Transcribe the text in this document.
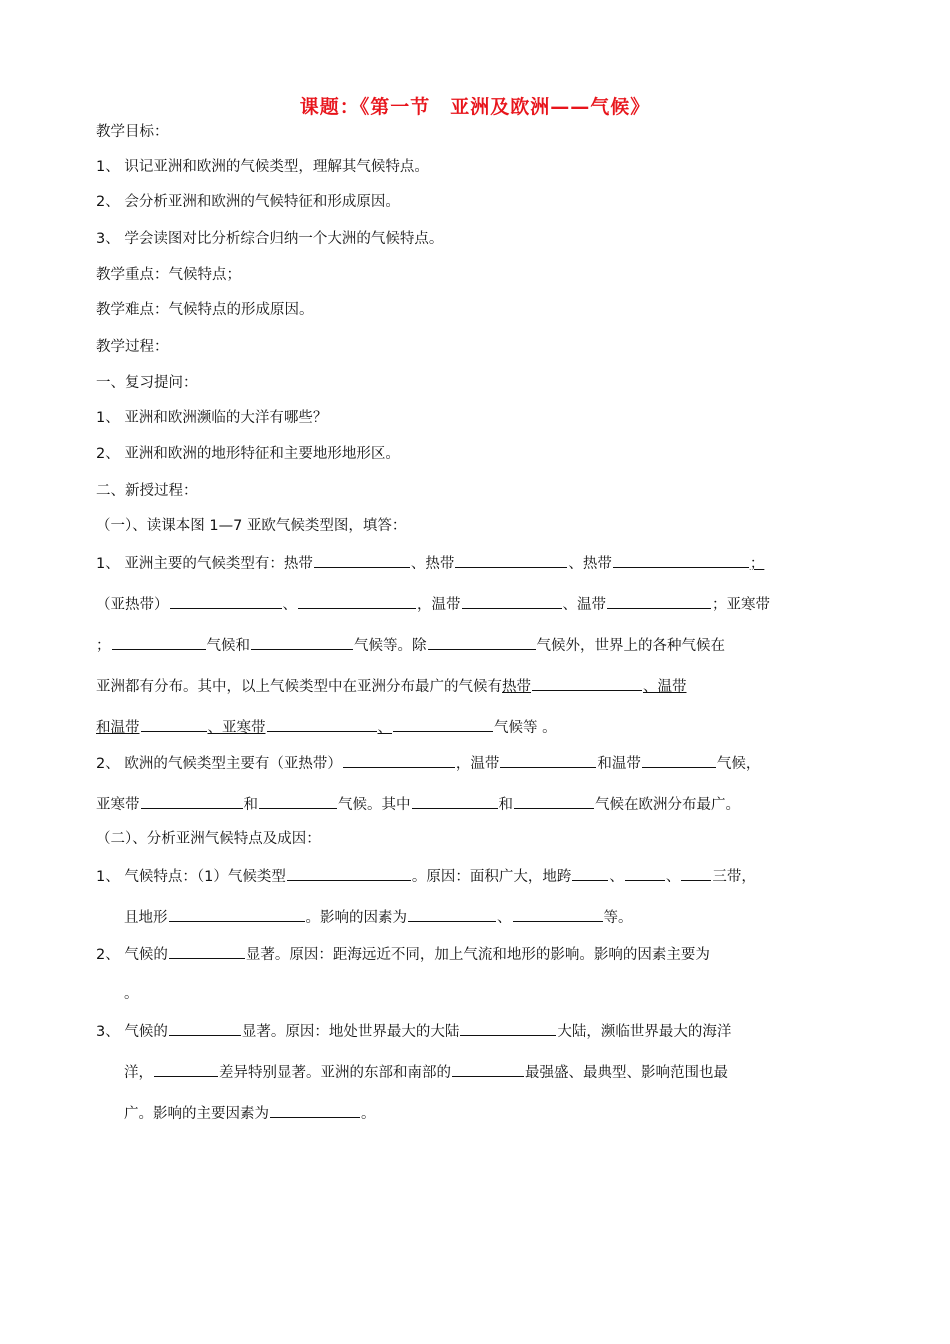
课题：《第一节　亚洲及欧洲——气候》
教学目标：
1、 识记亚洲和欧洲的气候类型，理解其气候特点。
2、 会分析亚洲和欧洲的气候特征和形成原因。
3、 学会读图对比分析综合归纳一个大洲的气候特点。
教学重点：气候特点；
教学难点：气候特点的形成原因。
教学过程：
一、复习提问：
1、 亚洲和欧洲濒临的大洋有哪些？
2、 亚洲和欧洲的地形特征和主要地形地形区。
二、新授过程：
（一）、读课本图 1—7 亚欧气候类型图，填答：
1、 亚洲主要的气候类型有：热带	、热带	、热带	；
（亚热带）	、	，温带	、温带	；亚寒带
；	气候和	气候等。除	气候外，世界上的各种气候在
亚洲都有分布。其中，以上气候类型中在亚洲分布最广的气候有热带	、温带
和温带	、亚寒带	、	气候等 。
2、 欧洲的气候类型主要有（亚热带）	，温带	和温带	气候，
亚寒带	和	气候。其中	和	气候在欧洲分布最广。
（二）、分析亚洲气候特点及成因：
1、 气候特点：（1）气候类型	。原因：面积广大，地跨	、	、 三带，
且地形	。影响的因素为	、	等。
2、 气候的	显著。原因：距海远近不同，加上气流和地形的影响。影响的因素主要为
。
3、 气候的	显著。原因：地处世界最大的大陆	大陆，濒临世界最大的海洋
洋，	差异特别显著。亚洲的东部和南部的	最强盛、最典型、影响范围也最
广。影响的主要因素为	。
